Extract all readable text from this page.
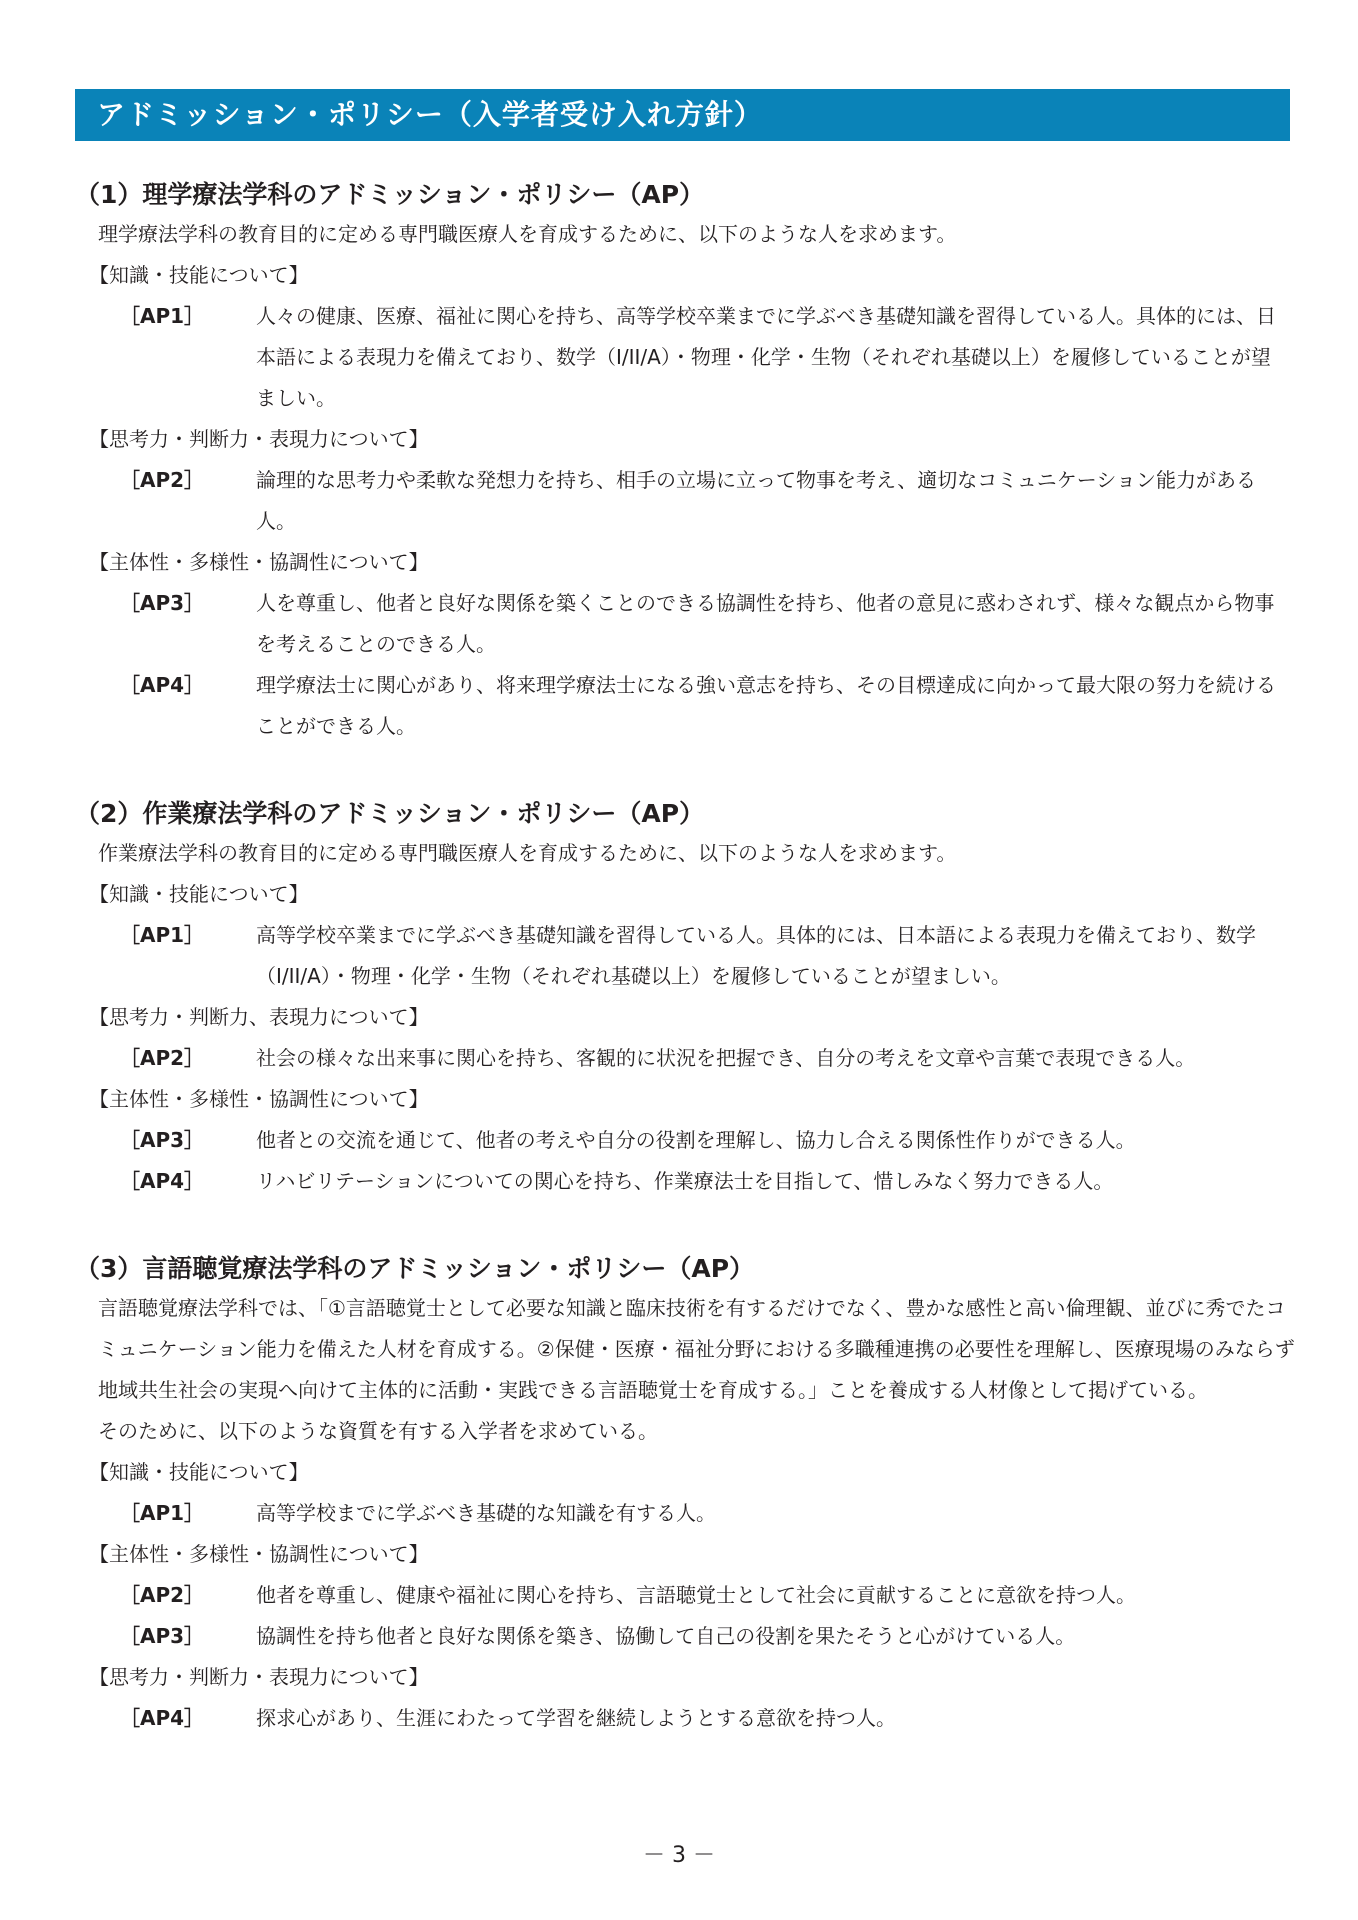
アドミッション・ポリシー（入学者受け入れ方針）
（1）理学療法学科のアドミッション・ポリシー（AP）

理学療法学科の教育目的に定める専門職医療人を育成するために、以下のような人を求めます。

【知識・技能について】

［AP1］	人々の健康、医療、福祉に関心を持ち、高等学校卒業までに学ぶべき基礎知識を習得している人。具体的には、日本語による表現力を備えており、数学（I/II/A）・物理・化学・生物（それぞれ基礎以上）を履修していることが望ましい。

【思考力・判断力・表現力について】

［AP2］	論理的な思考力や柔軟な発想力を持ち、相手の立場に立って物事を考え、適切なコミュニケーション能力がある人。

【主体性・多様性・協調性について】

［AP3］	人を尊重し、他者と良好な関係を築くことのできる協調性を持ち、他者の意見に惑わされず、様々な観点から物事を考えることのできる人。
［AP4］	理学療法士に関心があり、将来理学療法士になる強い意志を持ち、その目標達成に向かって最大限の努力を続けることができる人。
（2）作業療法学科のアドミッション・ポリシー（AP）

作業療法学科の教育目的に定める専門職医療人を育成するために、以下のような人を求めます。

【知識・技能について】

［AP1］	高等学校卒業までに学ぶべき基礎知識を習得している人。具体的には、日本語による表現力を備えており、数学（I/II/A）・物理・化学・生物（それぞれ基礎以上）を履修していることが望ましい。

【思考力・判断力、表現力について】

［AP2］	社会の様々な出来事に関心を持ち、客観的に状況を把握でき、自分の考えを文章や言葉で表現できる人。

【主体性・多様性・協調性について】

［AP3］	他者との交流を通じて、他者の考えや自分の役割を理解し、協力し合える関係性作りができる人。
［AP4］	リハビリテーションについての関心を持ち、作業療法士を目指して、惜しみなく努力できる人。
（3）言語聴覚療法学科のアドミッション・ポリシー（AP）

言語聴覚療法学科では、「①言語聴覚士として必要な知識と臨床技術を有するだけでなく、豊かな感性と高い倫理観、並びに秀でたコミュニケーション能力を備えた人材を育成する。②保健・医療・福祉分野における多職種連携の必要性を理解し、医療現場のみならず地域共生社会の実現へ向けて主体的に活動・実践できる言語聴覚士を育成する。」ことを養成する人材像として掲げている。

そのために、以下のような資質を有する入学者を求めている。

【知識・技能について】

［AP1］	高等学校までに学ぶべき基礎的な知識を有する人。

【主体性・多様性・協調性について】

［AP2］	他者を尊重し、健康や福祉に関心を持ち、言語聴覚士として社会に貢献することに意欲を持つ人。
［AP3］	協調性を持ち他者と良好な関係を築き、協働して自己の役割を果たそうと心がけている人。

【思考力・判断力・表現力について】

［AP4］	探求心があり、生涯にわたって学習を継続しようとする意欲を持つ人。
－ 3 －
